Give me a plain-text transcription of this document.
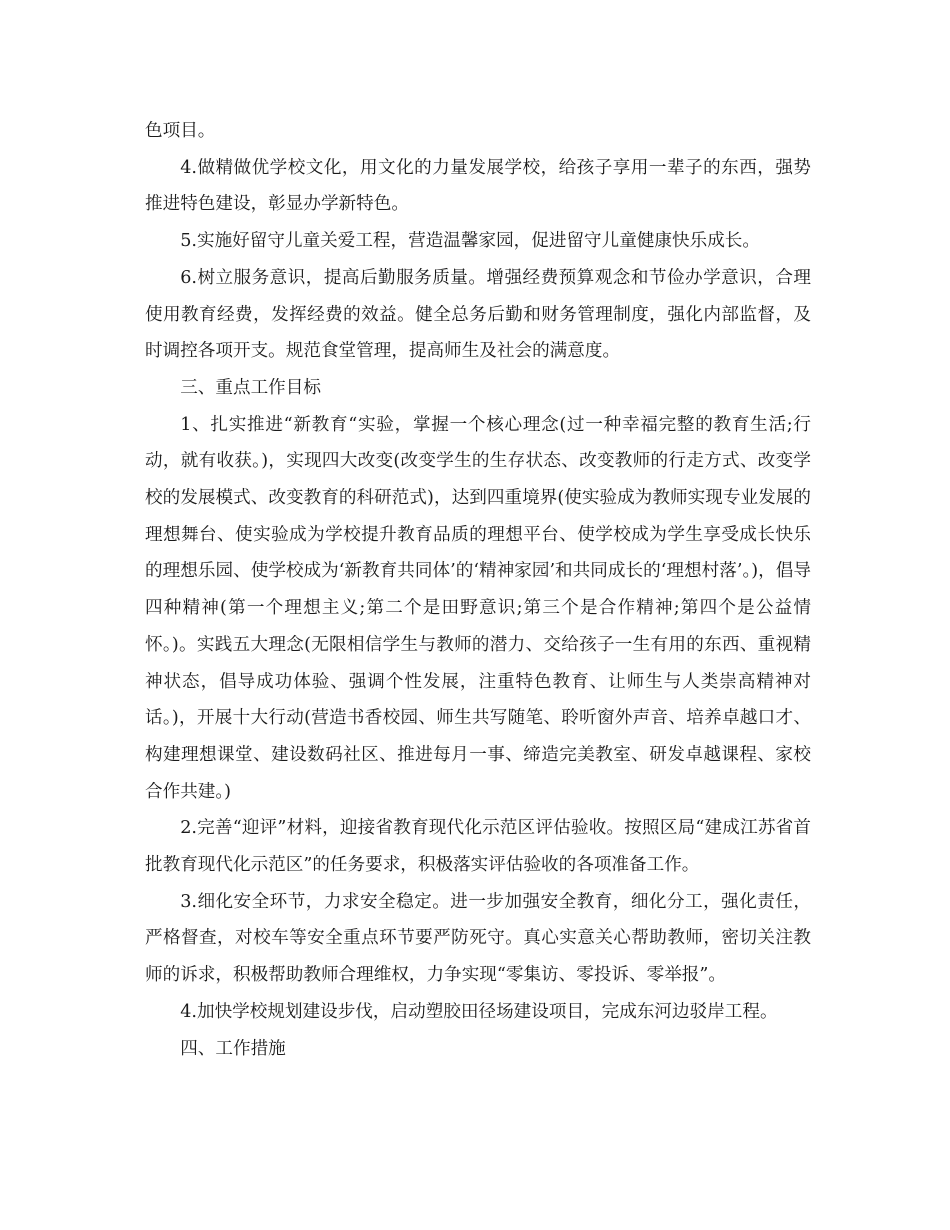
色项目。

4.做精做优学校文化，用文化的力量发展学校，给孩子享用一辈子的东西，强势推进特色建设，彰显办学新特色。

5.实施好留守儿童关爱工程，营造温馨家园，促进留守儿童健康快乐成长。

6.树立服务意识，提高后勤服务质量。增强经费预算观念和节俭办学意识，合理使用教育经费，发挥经费的效益。健全总务后勤和财务管理制度，强化内部监督，及时调控各项开支。规范食堂管理，提高师生及社会的满意度。

三、重点工作目标

1、扎实推进“新教育“实验，掌握一个核心理念(过一种幸福完整的教育生活;行动，就有收获。)，实现四大改变(改变学生的生存状态、改变教师的行走方式、改变学校的发展模式、改变教育的科研范式)，达到四重境界(使实验成为教师实现专业发展的理想舞台、使实验成为学校提升教育品质的理想平台、使学校成为学生享受成长快乐的理想乐园、使学校成为‘新教育共同体’的‘精神家园’和共同成长的‘理想村落’。)，倡导四种精神(第一个理想主义;第二个是田野意识;第三个是合作精神;第四个是公益情怀。)。实践五大理念(无限相信学生与教师的潜力、交给孩子一生有用的东西、重视精神状态，倡导成功体验、强调个性发展，注重特色教育、让师生与人类崇高精神对话。)，开展十大行动(营造书香校园、师生共写随笔、聆听窗外声音、培养卓越口才、构建理想课堂、建设数码社区、推进每月一事、缔造完美教室、研发卓越课程、家校合作共建。)

2.完善“迎评”材料，迎接省教育现代化示范区评估验收。按照区局“建成江苏省首批教育现代化示范区”的任务要求，积极落实评估验收的各项准备工作。

3.细化安全环节，力求安全稳定。进一步加强安全教育，细化分工，强化责任，严格督查，对校车等安全重点环节要严防死守。真心实意关心帮助教师，密切关注教师的诉求，积极帮助教师合理维权，力争实现“零集访、零投诉、零举报”。

4.加快学校规划建设步伐，启动塑胶田径场建设项目，完成东河边驳岸工程。

四、工作措施
